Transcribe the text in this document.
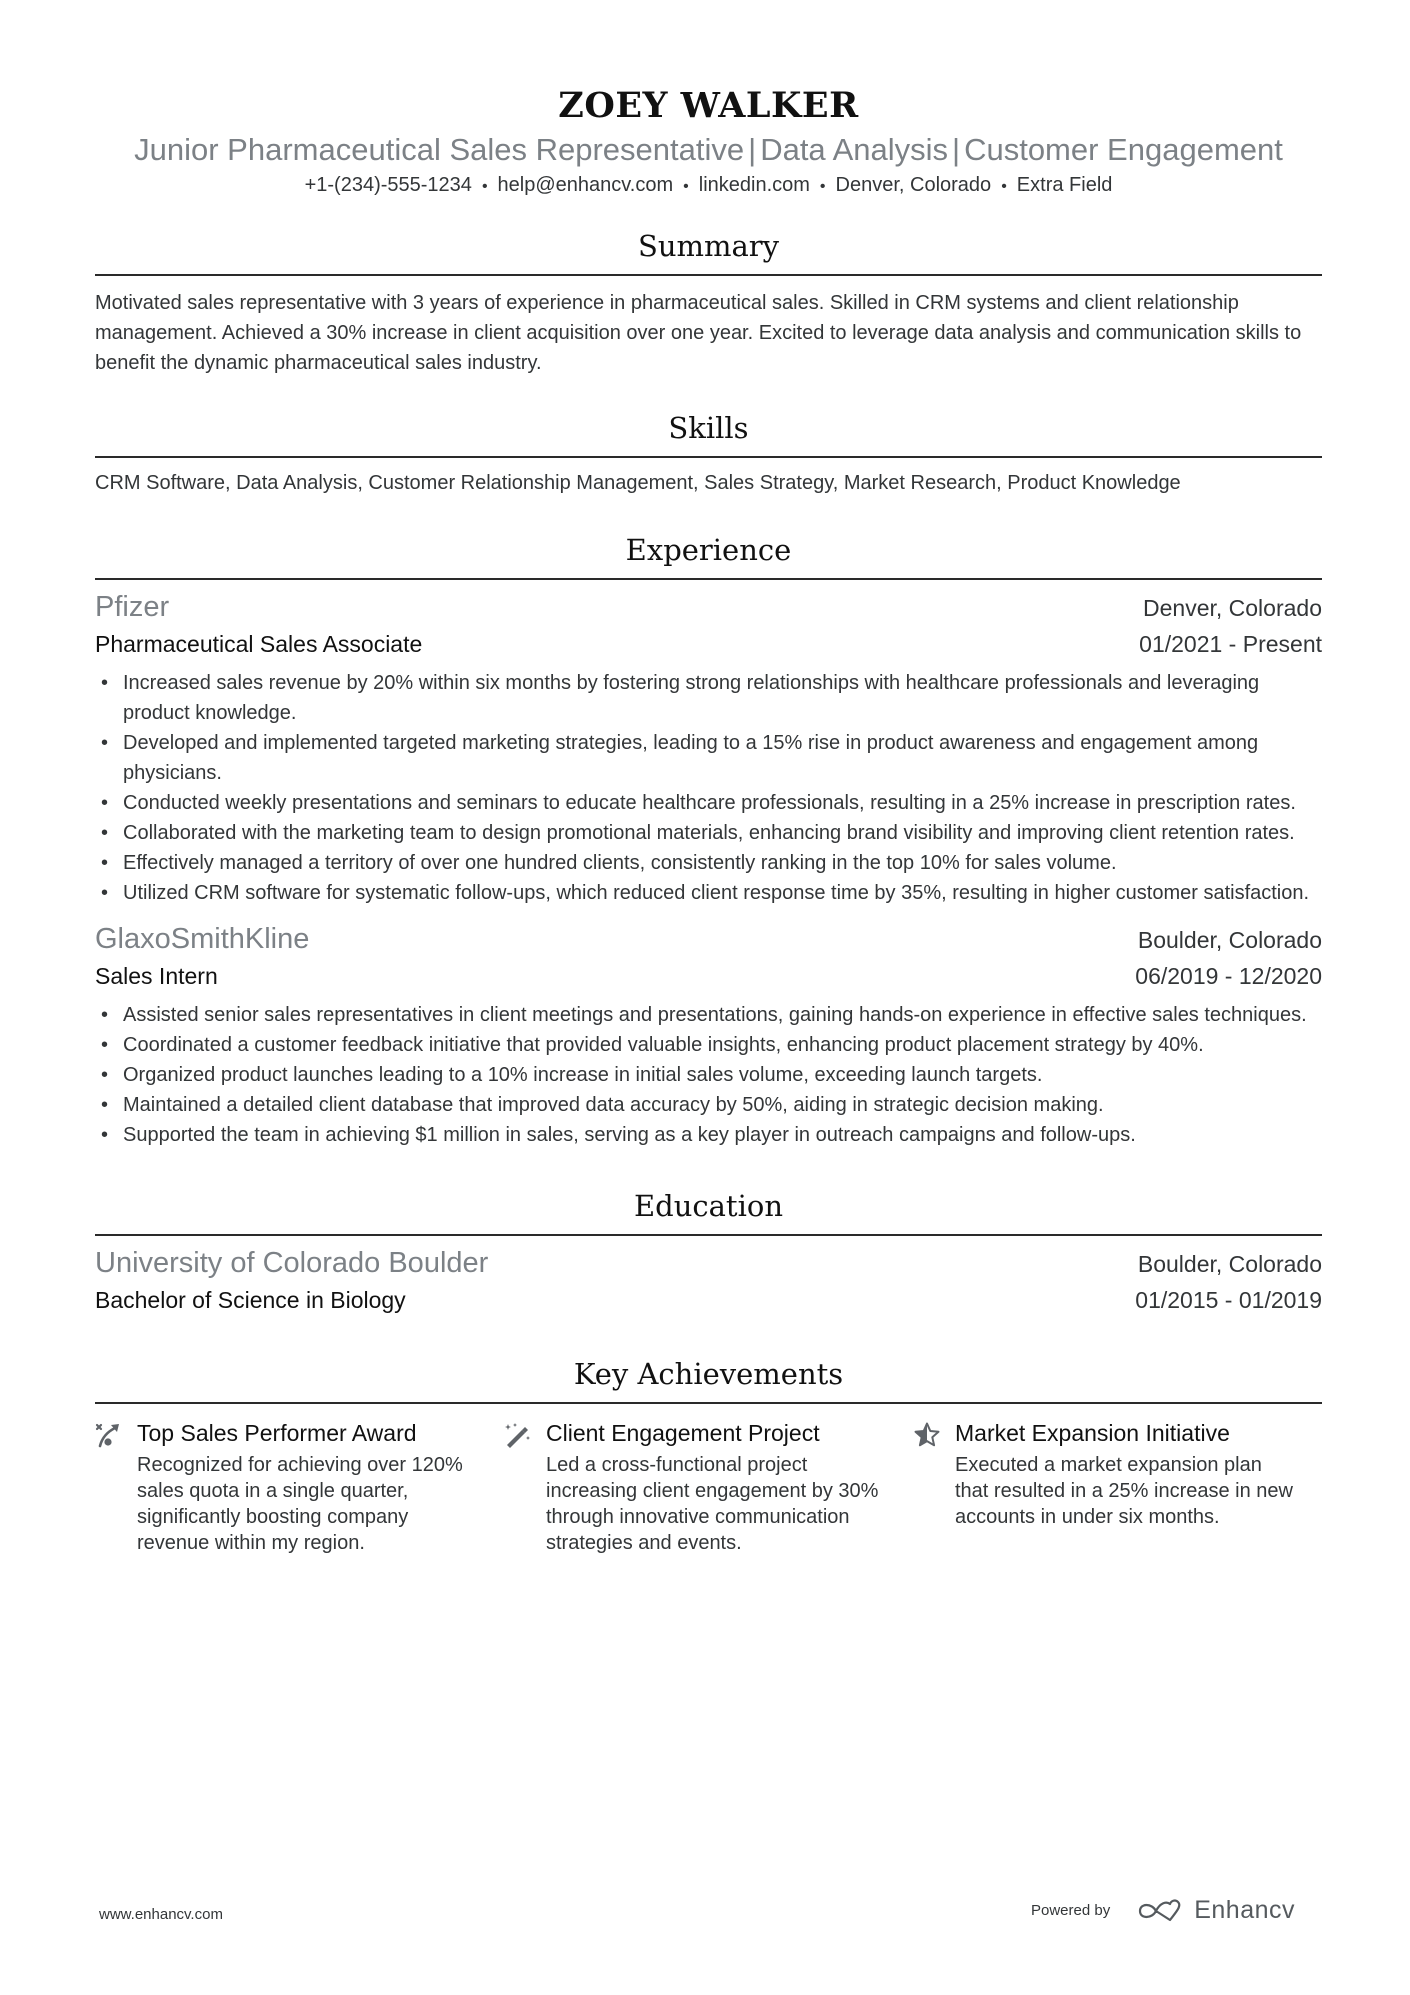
ZOEY WALKER
Junior Pharmaceutical Sales Representative | Data Analysis | Customer Engagement
+1-(234)-555-1234 • help@enhancv.com • linkedin.com • Denver, Colorado • Extra Field
Summary
Motivated sales representative with 3 years of experience in pharmaceutical sales. Skilled in CRM systems and client relationship management. Achieved a 30% increase in client acquisition over one year. Excited to leverage data analysis and communication skills to benefit the dynamic pharmaceutical sales industry.
Skills
CRM Software, Data Analysis, Customer Relationship Management, Sales Strategy, Market Research, Product Knowledge
Experience
Pfizer	Denver, Colorado
Pharmaceutical Sales Associate	01/2021 - Present
• Increased sales revenue by 20% within six months by fostering strong relationships with healthcare professionals and leveraging product knowledge.
• Developed and implemented targeted marketing strategies, leading to a 15% rise in product awareness and engagement among physicians.
• Conducted weekly presentations and seminars to educate healthcare professionals, resulting in a 25% increase in prescription rates.
• Collaborated with the marketing team to design promotional materials, enhancing brand visibility and improving client retention rates.
• Effectively managed a territory of over one hundred clients, consistently ranking in the top 10% for sales volume.
• Utilized CRM software for systematic follow-ups, which reduced client response time by 35%, resulting in higher customer satisfaction.
GlaxoSmithKline	Boulder, Colorado
Sales Intern	06/2019 - 12/2020
• Assisted senior sales representatives in client meetings and presentations, gaining hands-on experience in effective sales techniques.
• Coordinated a customer feedback initiative that provided valuable insights, enhancing product placement strategy by 40%.
• Organized product launches leading to a 10% increase in initial sales volume, exceeding launch targets.
• Maintained a detailed client database that improved data accuracy by 50%, aiding in strategic decision making.
• Supported the team in achieving $1 million in sales, serving as a key player in outreach campaigns and follow-ups.
Education
University of Colorado Boulder	Boulder, Colorado
Bachelor of Science in Biology	01/2015 - 01/2019
Key Achievements
Top Sales Performer Award
Recognized for achieving over 120% sales quota in a single quarter, significantly boosting company revenue within my region.
Client Engagement Project
Led a cross-functional project increasing client engagement by 30% through innovative communication strategies and events.
Market Expansion Initiative
Executed a market expansion plan that resulted in a 25% increase in new accounts in under six months.
www.enhancv.com	Powered by	Enhancv
